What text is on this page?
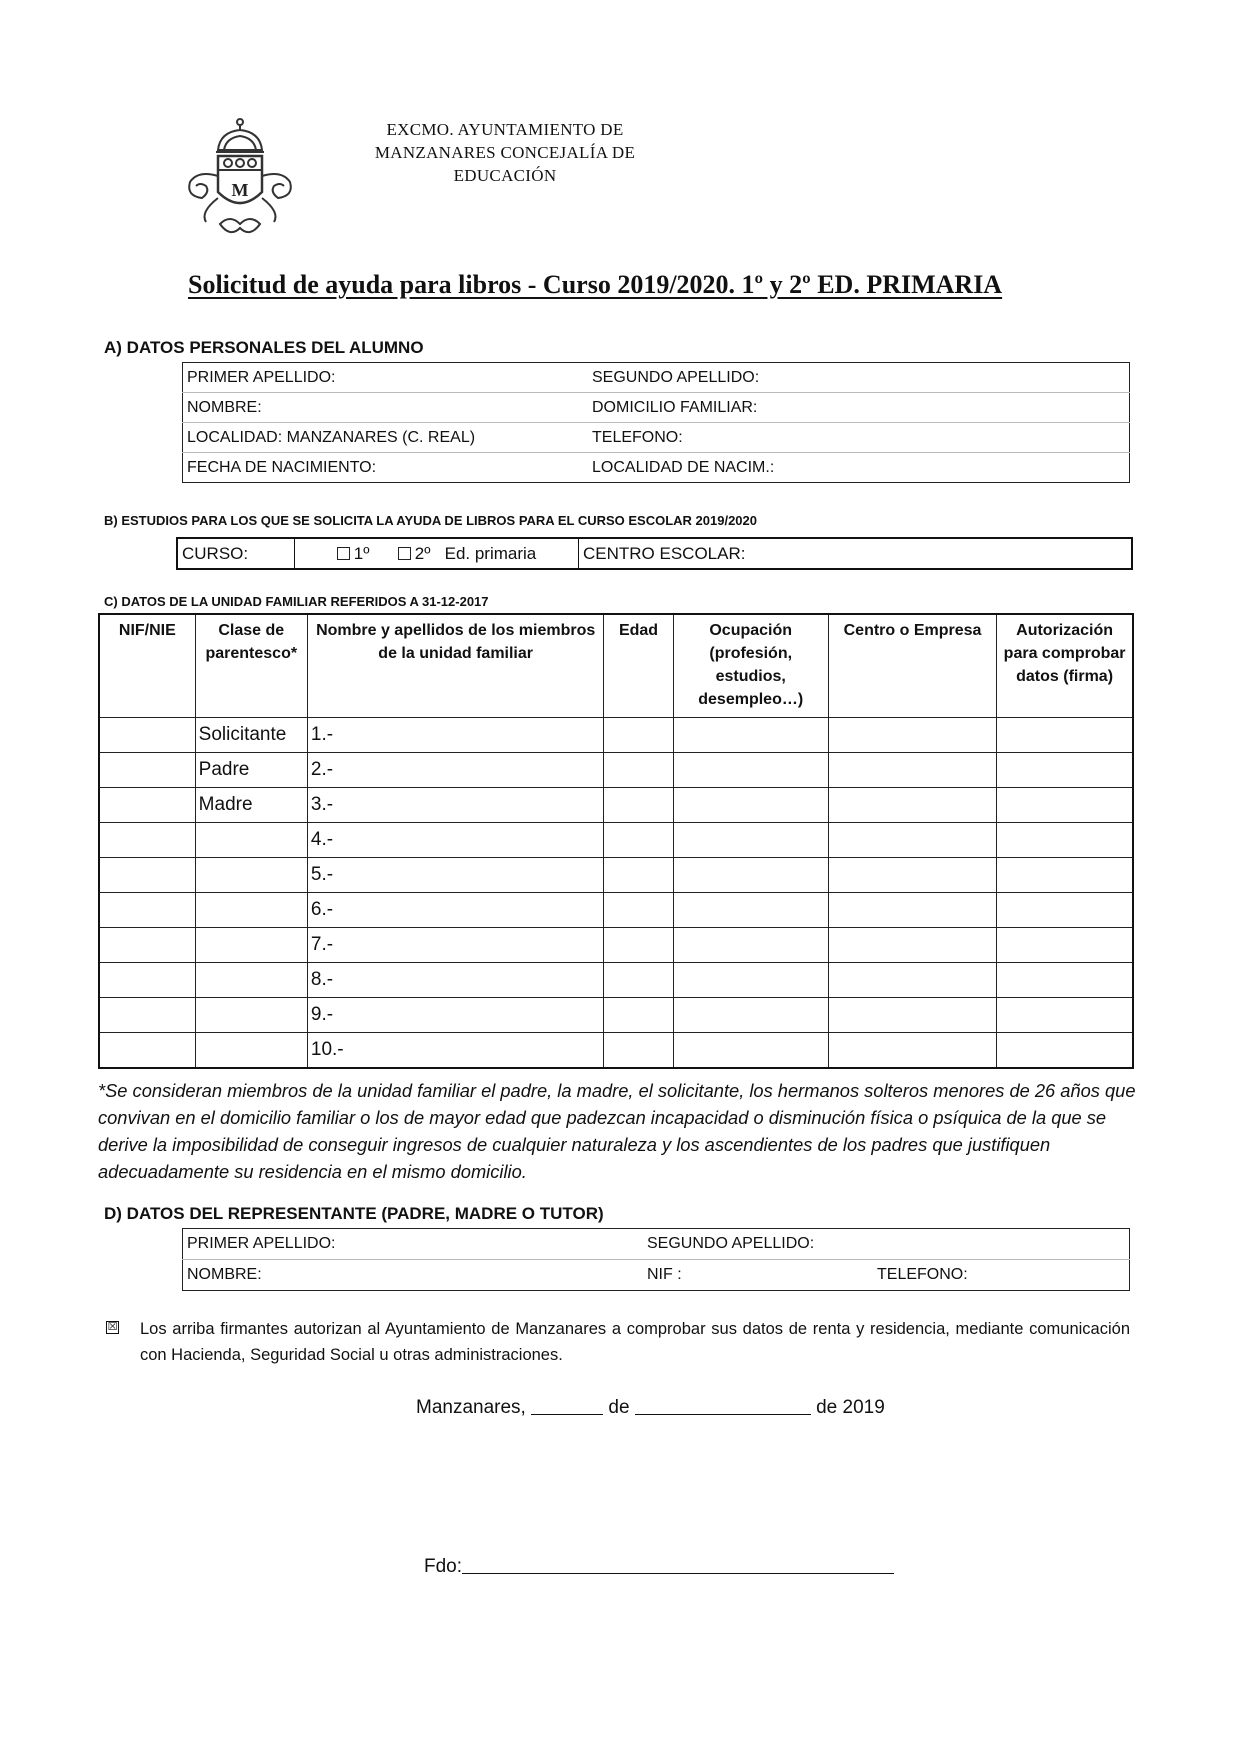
M
EXCMO. AYUNTAMIENTO DE
MANZANARES CONCEJALÍA DE
EDUCACIÓN
Solicitud de ayuda para libros - Curso 2019/2020. 1º y 2º ED. PRIMARIA
A) DATOS PERSONALES DEL ALUMNO
PRIMER APELLIDO:	SEGUNDO APELLIDO:
NOMBRE:	DOMICILIO FAMILIAR:
LOCALIDAD: MANZANARES (C. REAL)	TELEFONO:
FECHA DE NACIMIENTO:	LOCALIDAD DE NACIM.:
B) ESTUDIOS PARA LOS QUE SE SOLICITA LA AYUDA DE LIBROS PARA EL CURSO ESCOLAR 2019/2020
CURSO:	1º	2º Ed. primaria	CENTRO ESCOLAR:
C) DATOS DE LA UNIDAD FAMILIAR REFERIDOS A 31-12-2017
NIF/NIE	Clase de parentesco*	Nombre y apellidos de los miembros de la unidad familiar	Edad	Ocupación (profesión, estudios, desempleo…)	Centro o Empresa	Autorización para comprobar datos (firma)
	Solicitante	1.-				
	Padre	2.-				
	Madre	3.-				
		4.-				
		5.-				
		6.-				
		7.-				
		8.-				
		9.-				
		10.-				
*Se consideran miembros de la unidad familiar el padre, la madre, el solicitante, los hermanos solteros menores de 26 años que convivan en el domicilio familiar o los de mayor edad que padezcan incapacidad o disminución física o psíquica de la que se derive la imposibilidad de conseguir ingresos de cualquier naturaleza y los ascendientes de los padres que justifiquen adecuadamente su residencia en el mismo domicilio.
D) DATOS DEL REPRESENTANTE (PADRE, MADRE O TUTOR)
PRIMER APELLIDO:	SEGUNDO APELLIDO:	
NOMBRE:	NIF :	TELEFONO:
☒ Los arriba firmantes autorizan al Ayuntamiento de Manzanares a comprobar sus datos de renta y residencia, mediante comunicación con Hacienda, Seguridad Social u otras administraciones.
Manzanares,	de	de 2019
Fdo:
